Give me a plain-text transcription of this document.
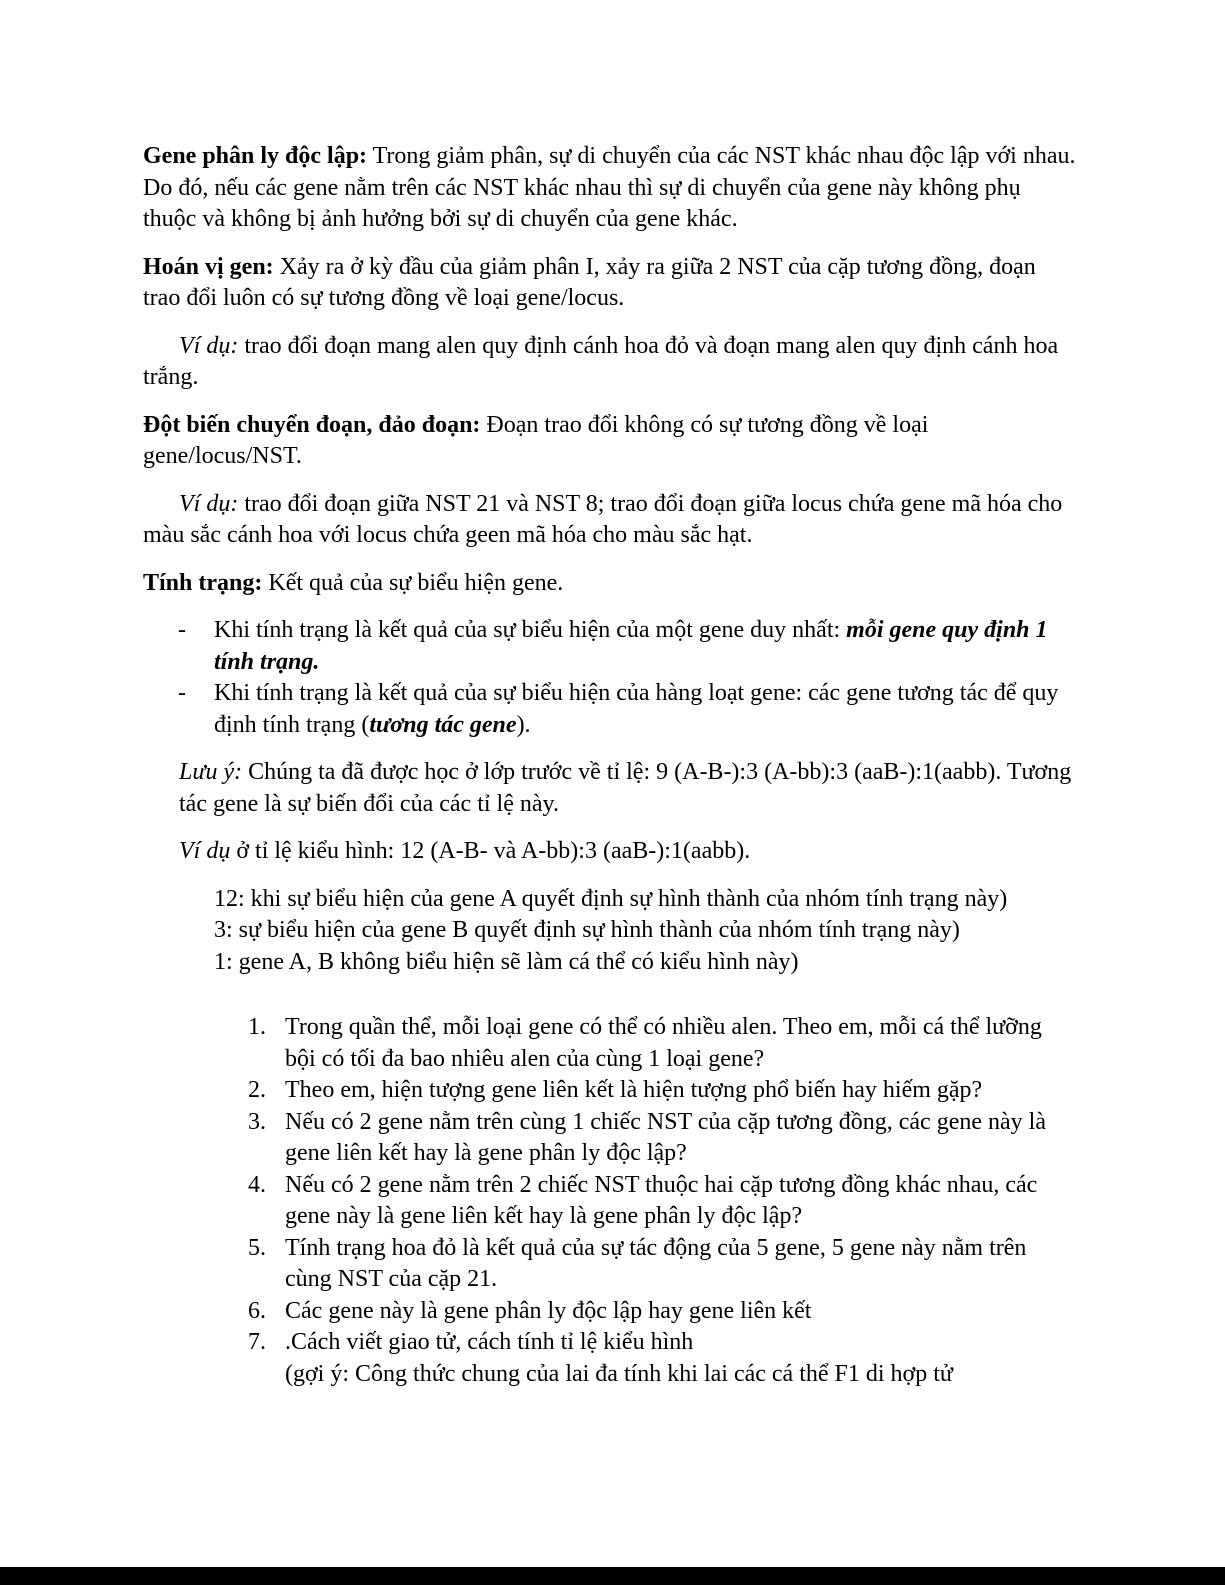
Gene phân ly độc lập: Trong giảm phân, sự di chuyển của các NST khác nhau độc lập với nhau. Do đó, nếu các gene nằm trên các NST khác nhau thì sự di chuyển của gene này không phụ thuộc và không bị ảnh hưởng bởi sự di chuyển của gene khác.

Hoán vị gen: Xảy ra ở kỳ đầu của giảm phân I, xảy ra giữa 2 NST của cặp tương đồng, đoạn trao đổi luôn có sự tương đồng về loại gene/locus.

Ví dụ: trao đổi đoạn mang alen quy định cánh hoa đỏ và đoạn mang alen quy định cánh hoa trắng.

Đột biến chuyển đoạn, đảo đoạn: Đoạn trao đổi không có sự tương đồng về loại gene/locus/NST.

Ví dụ: trao đổi đoạn giữa NST 21 và NST 8; trao đổi đoạn giữa locus chứa gene mã hóa cho màu sắc cánh hoa với locus chứa geen mã hóa cho màu sắc hạt.

Tính trạng: Kết quả của sự biểu hiện gene.

- Khi tính trạng là kết quả của sự biểu hiện của một gene duy nhất: mỗi gene quy định 1 tính trạng.
- Khi tính trạng là kết quả của sự biểu hiện của hàng loạt gene: các gene tương tác để quy định tính trạng (tương tác gene).

Lưu ý: Chúng ta đã được học ở lớp trước về tỉ lệ: 9 (A-B-):3 (A-bb):3 (aaB-):1(aabb). Tương tác gene là sự biến đổi của các tỉ lệ này.

Ví dụ ở tỉ lệ kiểu hình: 12 (A-B- và A-bb):3 (aaB-):1(aabb).

12: khi sự biểu hiện của gene A quyết định sự hình thành của nhóm tính trạng này)

3: sự biểu hiện của gene B quyết định sự hình thành của nhóm tính trạng này)

1: gene A, B không biểu hiện sẽ làm cá thể có kiểu hình này)

1. Trong quần thể, mỗi loại gene có thể có nhiều alen. Theo em, mỗi cá thể lưỡng bội có tối đa bao nhiêu alen của cùng 1 loại gene?
2. Theo em, hiện tượng gene liên kết là hiện tượng phổ biến hay hiếm gặp?
3. Nếu có 2 gene nằm trên cùng 1 chiếc NST của cặp tương đồng, các gene này là gene liên kết hay là gene phân ly độc lập?
4. Nếu có 2 gene nằm trên 2 chiếc NST thuộc hai cặp tương đồng khác nhau, các gene này là gene liên kết hay là gene phân ly độc lập?
5. Tính trạng hoa đỏ là kết quả của sự tác động của 5 gene, 5 gene này nằm trên cùng NST của cặp 21.
6. Các gene này là gene phân ly độc lập hay gene liên kết
7. .Cách viết giao tử, cách tính tỉ lệ kiểu hình
(gợi ý: Công thức chung của lai đa tính khi lai các cá thể F1 di hợp tử
